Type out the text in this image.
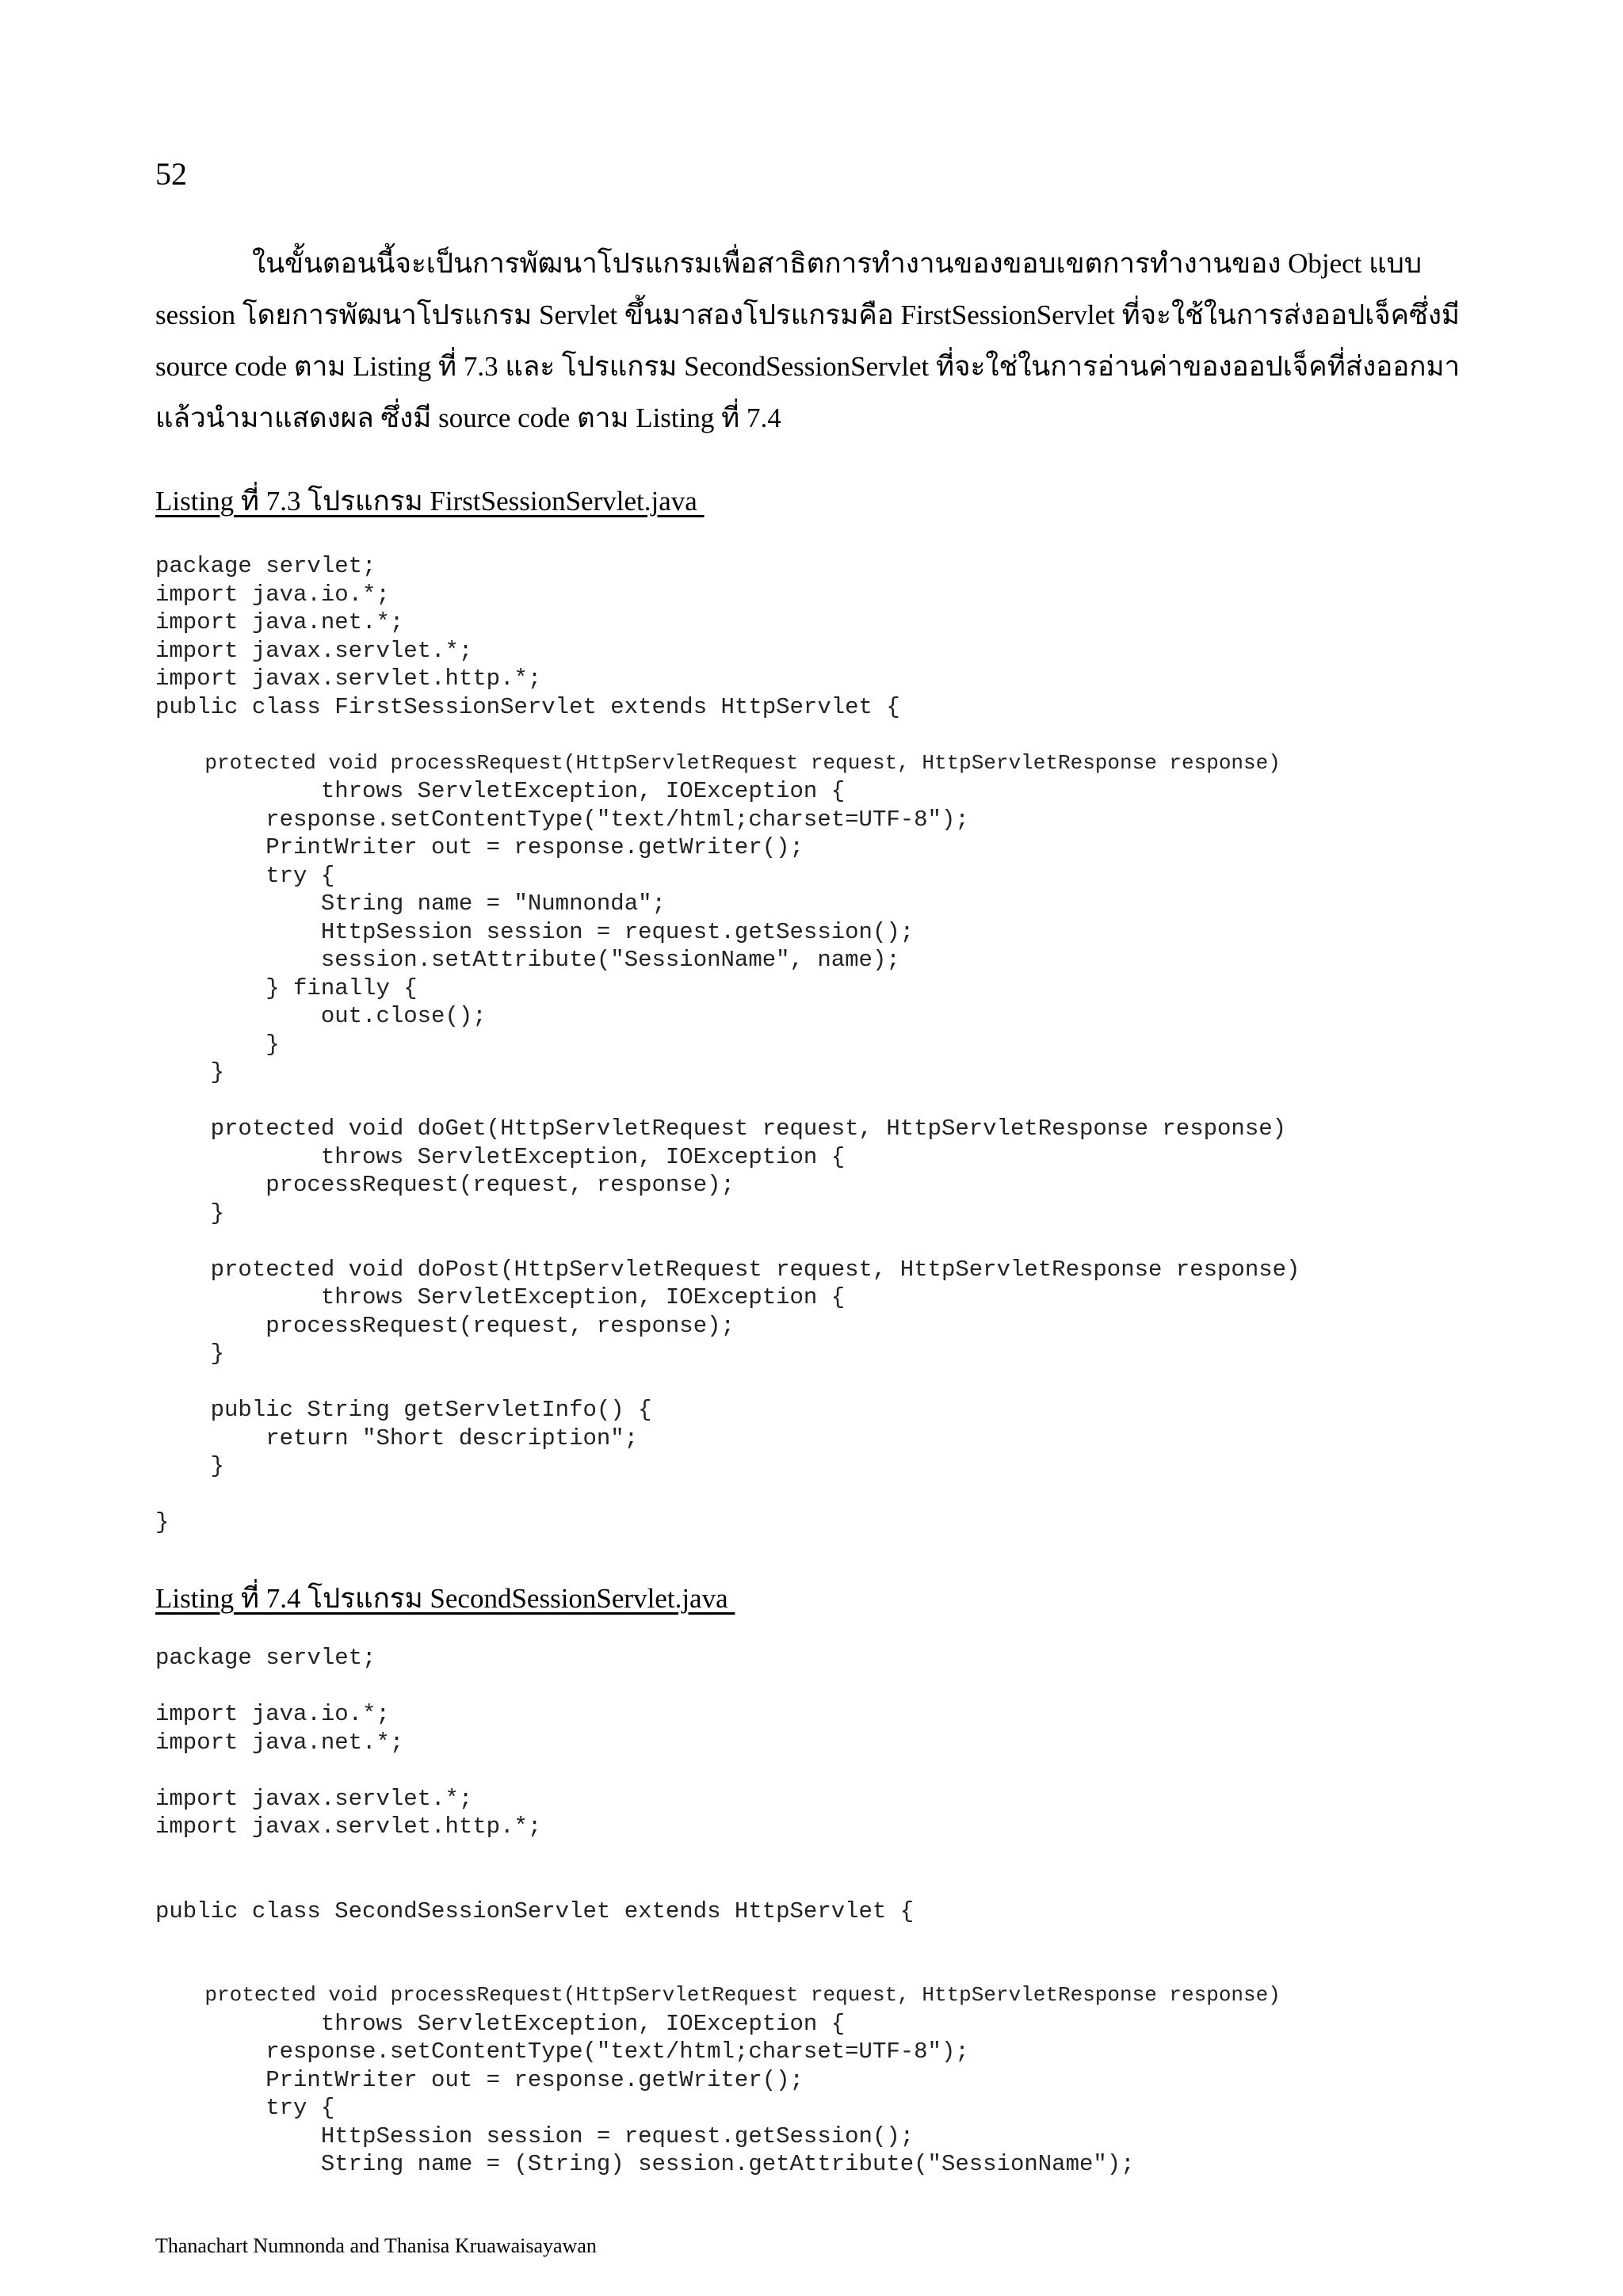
52
ในขั้นตอนนี้จะเป็นการพัฒนาโปรแกรมเพื่อสาธิตการทำงานของขอบเขตการทำงานของ Object แบบ
session โดยการพัฒนาโปรแกรม Servlet ขึ้นมาสองโปรแกรมคือ FirstSessionServlet ที่จะใช้ในการส่งออปเจ็คซึ่งมี
source code ตาม Listing ที่ 7.3 และ โปรแกรม SecondSessionServlet ที่จะใช่ในการอ่านค่าของออปเจ็คที่ส่งออกมา
แล้วนำมาแสดงผล ซึ่งมี source code ตาม Listing ที่ 7.4
Listing ที่ 7.3 โปรแกรม FirstSessionServlet.java
package servlet;
import java.io.*;
import java.net.*;
import javax.servlet.*;
import javax.servlet.http.*;
public class FirstSessionServlet extends HttpServlet {
protected void processRequest(HttpServletRequest request, HttpServletResponse response)
throws ServletException, IOException {
response.setContentType("text/html;charset=UTF-8");
PrintWriter out = response.getWriter();
try {
String name = "Numnonda";
HttpSession session = request.getSession();
session.setAttribute("SessionName", name);
} finally {
out.close();
}
}
protected void doGet(HttpServletRequest request, HttpServletResponse response)
throws ServletException, IOException {
processRequest(request, response);
}
protected void doPost(HttpServletRequest request, HttpServletResponse response)
throws ServletException, IOException {
processRequest(request, response);
}
public String getServletInfo() {
return "Short description";
}
}
Listing ที่ 7.4 โปรแกรม SecondSessionServlet.java
package servlet;
import java.io.*;
import java.net.*;
import javax.servlet.*;
import javax.servlet.http.*;
public class SecondSessionServlet extends HttpServlet {
protected void processRequest(HttpServletRequest request, HttpServletResponse response)
throws ServletException, IOException {
response.setContentType("text/html;charset=UTF-8");
PrintWriter out = response.getWriter();
try {
HttpSession session = request.getSession();
String name = (String) session.getAttribute("SessionName");
Thanachart Numnonda and Thanisa Kruawaisayawan
